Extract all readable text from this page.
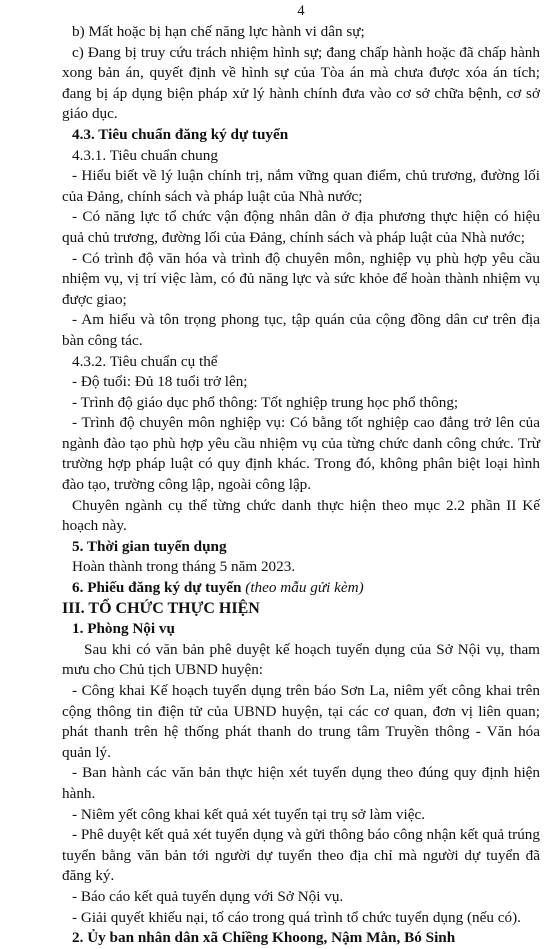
4

b) Mất hoặc bị hạn chế năng lực hành vi dân sự;

c) Đang bị truy cứu trách nhiệm hình sự; đang chấp hành hoặc đã chấp hành xong bản án, quyết định về hình sự của Tòa án mà chưa được xóa án tích; đang bị áp dụng biện pháp xử lý hành chính đưa vào cơ sở chữa bệnh, cơ sở giáo dục.

4.3. Tiêu chuẩn đăng ký dự tuyển

4.3.1. Tiêu chuẩn chung

- Hiểu biết về lý luận chính trị, nắm vững quan điểm, chủ trương, đường lối của Đảng, chính sách và pháp luật của Nhà nước;

- Có năng lực tổ chức vận động nhân dân ở địa phương thực hiện có hiệu quả chủ trương, đường lối của Đảng, chính sách và pháp luật của Nhà nước;

- Có trình độ văn hóa và trình độ chuyên môn, nghiệp vụ phù hợp yêu cầu nhiệm vụ, vị trí việc làm, có đủ năng lực và sức khỏe để hoàn thành nhiệm vụ được giao;

- Am hiểu và tôn trọng phong tục, tập quán của cộng đồng dân cư trên địa bàn công tác.

4.3.2. Tiêu chuẩn cụ thể

- Độ tuổi: Đủ 18 tuổi trở lên;

- Trình độ giáo dục phổ thông: Tốt nghiệp trung học phổ thông;

- Trình độ chuyên môn nghiệp vụ: Có bằng tốt nghiệp cao đẳng trở lên của ngành đào tạo phù hợp yêu cầu nhiệm vụ của từng chức danh công chức. Trừ trường hợp pháp luật có quy định khác. Trong đó, không phân biệt loại hình đào tạo, trường công lập, ngoài công lập.

Chuyên ngành cụ thể từng chức danh thực hiện theo mục 2.2 phần II Kế hoạch này.

5. Thời gian tuyển dụng

Hoàn thành trong tháng 5 năm 2023.

6. Phiếu đăng ký dự tuyển (theo mẫu gửi kèm)

III. TỔ CHỨC THỰC HIỆN

1. Phòng Nội vụ

Sau khi có văn bản phê duyệt kế hoạch tuyển dụng của Sở Nội vụ, tham mưu cho Chủ tịch UBND huyện:

- Công khai Kế hoạch tuyển dụng trên báo Sơn La, niêm yết công khai trên cộng thông tin điện tử của UBND huyện, tại các cơ quan, đơn vị liên quan; phát thanh trên hệ thống phát thanh do trung tâm Truyền thông - Văn hóa quản lý.

- Ban hành các văn bản thực hiện xét tuyển dụng theo đúng quy định hiện hành.

- Niêm yết công khai kết quả xét tuyển tại trụ sở làm việc.

- Phê duyệt kết quả xét tuyển dụng và gửi thông báo công nhận kết quả trúng tuyển bằng văn bản tới người dự tuyển theo địa chỉ mà người dự tuyển đã đăng ký.

- Báo cáo kết quả tuyển dụng với Sở Nội vụ.

- Giải quyết khiếu nại, tố cáo trong quá trình tổ chức tuyển dụng (nếu có).

2. Ủy ban nhân dân xã Chiềng Khoong, Nậm Mằn, Bó Sinh
